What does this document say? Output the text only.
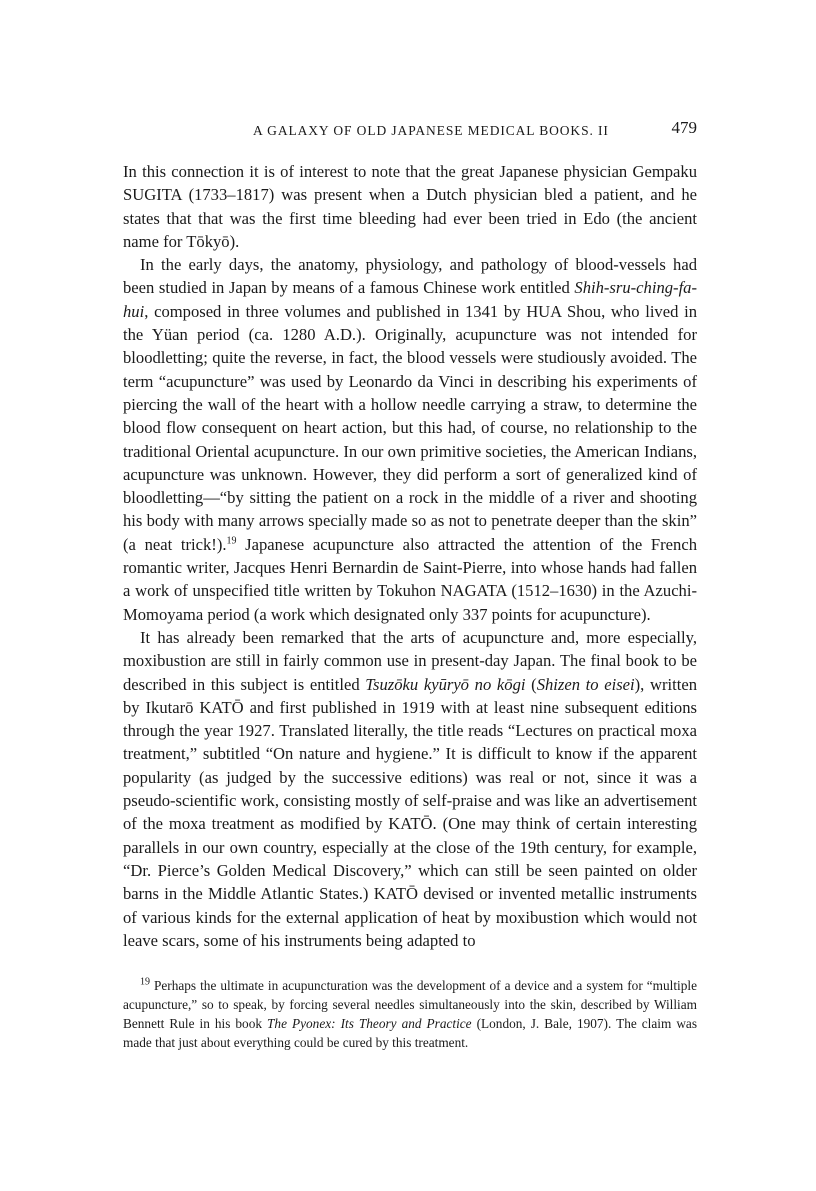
A GALAXY OF OLD JAPANESE MEDICAL BOOKS. II	479

In this connection it is of interest to note that the great Japanese physician Gempaku SUGITA (1733–1817) was present when a Dutch physician bled a patient, and he states that that was the first time bleeding had ever been tried in Edo (the ancient name for Tōkyō).

In the early days, the anatomy, physiology, and pathology of blood-vessels had been studied in Japan by means of a famous Chinese work entitled Shih-sru-ching-fa-hui, composed in three volumes and published in 1341 by HUA Shou, who lived in the Yüan period (ca. 1280 A.D.). Originally, acupuncture was not intended for bloodletting; quite the reverse, in fact, the blood vessels were studiously avoided. The term “acupuncture” was used by Leonardo da Vinci in describing his experiments of piercing the wall of the heart with a hollow needle carrying a straw, to determine the blood flow consequent on heart action, but this had, of course, no relationship to the traditional Oriental acupuncture. In our own primitive societies, the American Indians, acupuncture was unknown. However, they did perform a sort of generalized kind of bloodletting—“by sitting the patient on a rock in the middle of a river and shooting his body with many arrows specially made so as not to penetrate deeper than the skin” (a neat trick!).$^{19}$ Japanese acupuncture also attracted the attention of the French romantic writer, Jacques Henri Bernardin de Saint-Pierre, into whose hands had fallen a work of unspecified title written by Tokuhon NAGATA (1512–1630) in the Azuchi-Momoyama period (a work which designated only 337 points for acupuncture).

It has already been remarked that the arts of acupuncture and, more especially, moxibustion are still in fairly common use in present-day Japan. The final book to be described in this subject is entitled Tsuzōku kyūryō no kōgi (Shizen to eisei), written by Ikutarō KATŌ and first published in 1919 with at least nine subsequent editions through the year 1927. Translated literally, the title reads “Lectures on practical moxa treatment,” subtitled “On nature and hygiene.” It is difficult to know if the apparent popularity (as judged by the successive editions) was real or not, since it was a pseudo-scientific work, consisting mostly of self-praise and was like an advertisement of the moxa treatment as modified by KATŌ. (One may think of certain interesting parallels in our own country, especially at the close of the 19th century, for example, “Dr. Pierce’s Golden Medical Discovery,” which can still be seen painted on older barns in the Middle Atlantic States.) KATŌ devised or invented metallic instruments of various kinds for the external application of heat by moxibustion which would not leave scars, some of his instruments being adapted to

$^{19}$ Perhaps the ultimate in acupuncturation was the development of a device and a system for “multiple acupuncture,” so to speak, by forcing several needles simultaneously into the skin, described by William Bennett Rule in his book The Pyonex: Its Theory and Practice (London, J. Bale, 1907). The claim was made that just about everything could be cured by this treatment.
